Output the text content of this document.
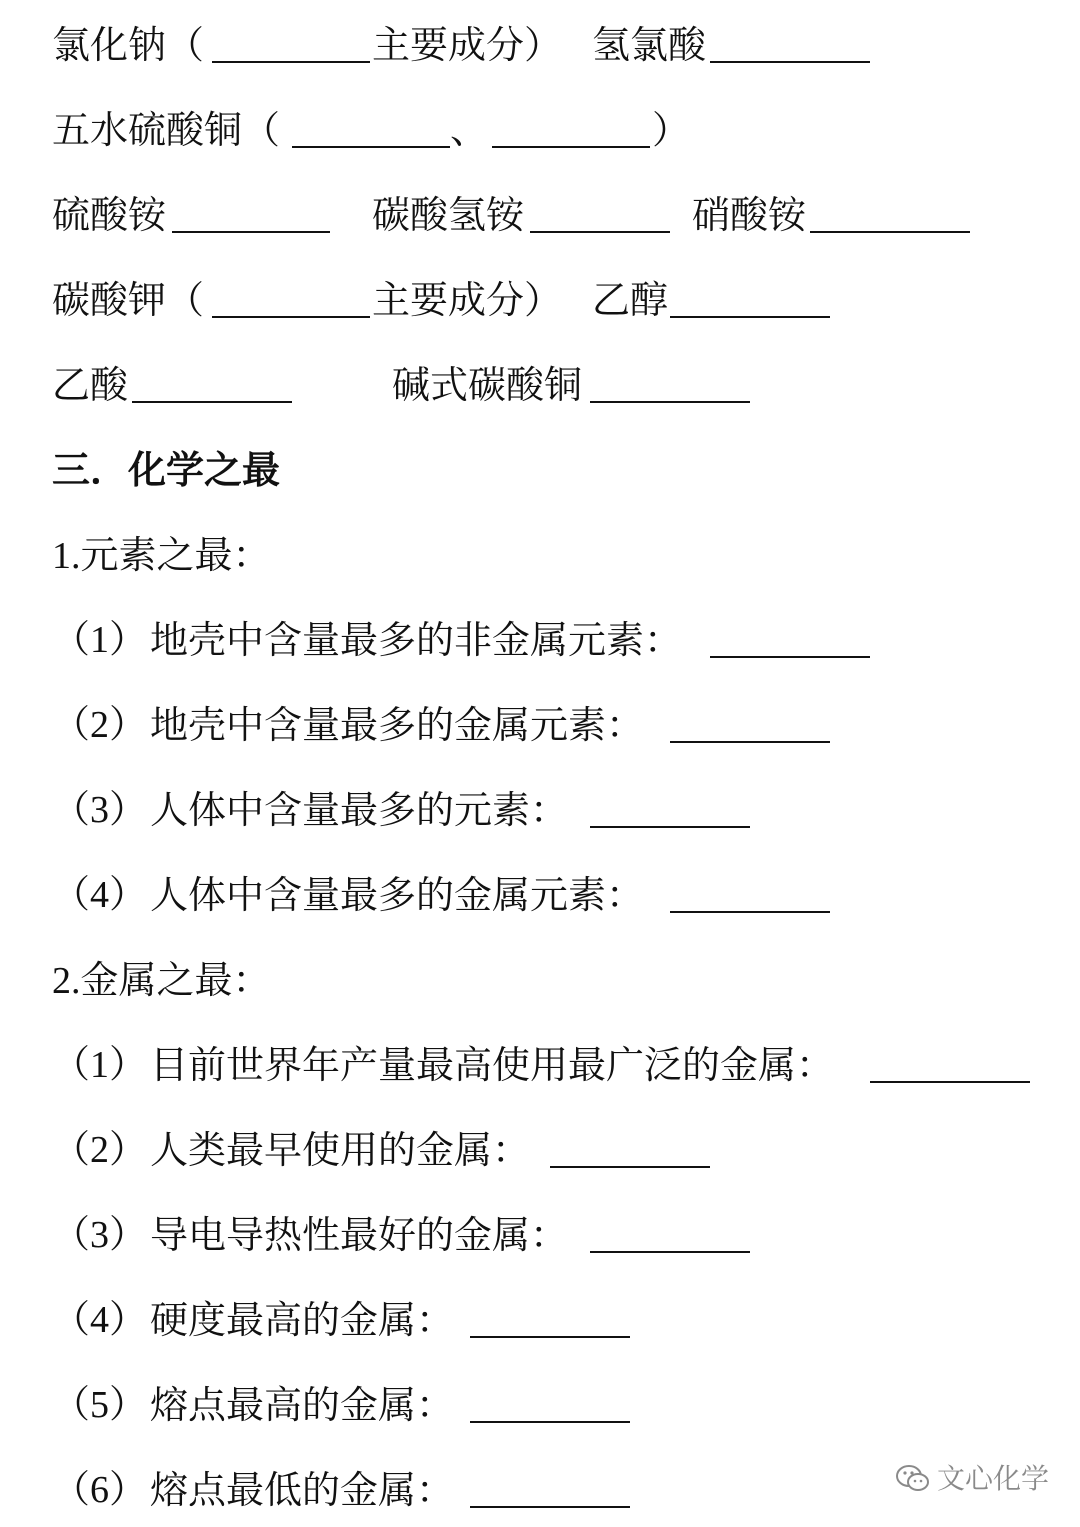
氯化钠（	主要成分） 氢氯酸
五水硫酸铜（	、	）
硫酸铵	碳酸氢铵	硝酸铵
碳酸钾（	主要成分） 乙醇
乙酸	碱式碳酸铜
三．化学之最
1.元素之最：
（1） 地壳中含量最多的非金属元素：
（2） 地壳中含量最多的金属元素：
（3） 人体中含量最多的元素：
（4） 人体中含量最多的金属元素：
2.金属之最：
（1） 目前世界年产量最高使用最广泛的金属：
（2） 人类最早使用的金属：
（3） 导电导热性最好的金属：
（4） 硬度最高的金属：
（5） 熔点最高的金属：
（6） 熔点最低的金属：	文心化学
